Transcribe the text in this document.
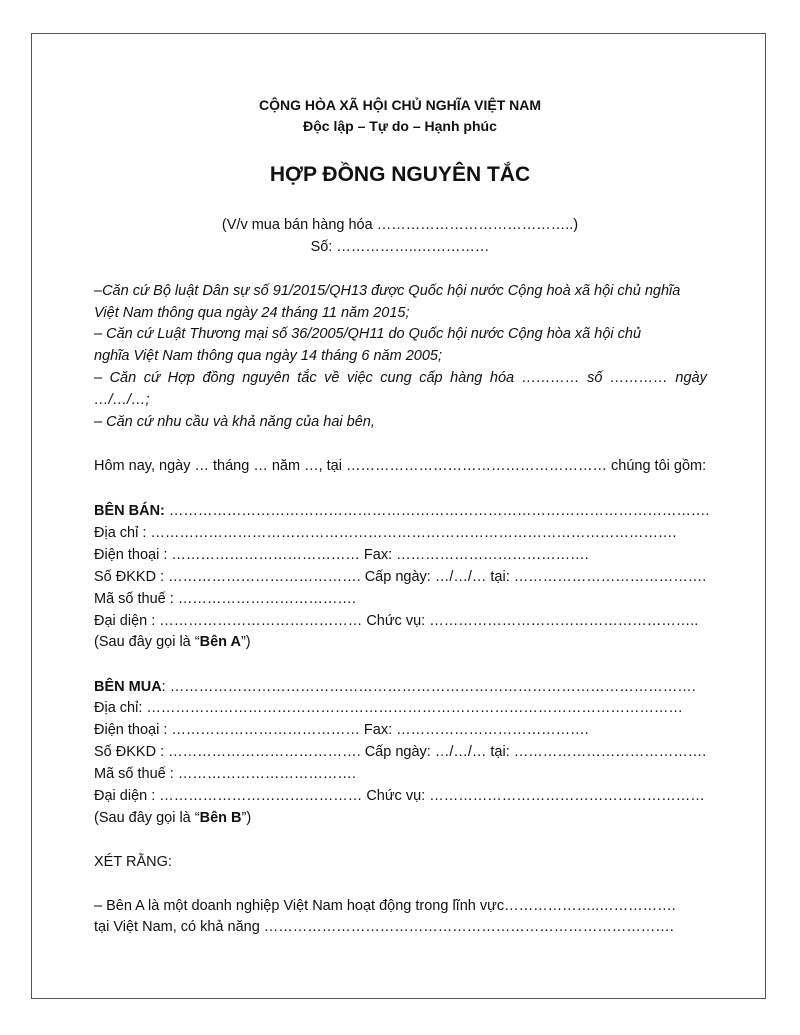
CỘNG HÒA XÃ HỘI CHỦ NGHĨA VIỆT NAM
Độc lập – Tự do – Hạnh phúc
HỢP ĐỒNG NGUYÊN TẮC
(V/v mua bán hàng hóa …………………………………..)
Số: ……………..……………
–Căn cứ Bộ luật Dân sự số 91/2015/QH13 được Quốc hội nước Cộng hoà xã hội chủ nghĩa
Việt Nam thông qua ngày 24 tháng 11 năm 2015;
– Căn cứ Luật Thương mại số 36/2005/QH11 do Quốc hội nước Cộng hòa xã hội chủ
nghĩa Việt Nam thông qua ngày 14 tháng 6 năm 2005;
– Căn cứ Hợp đồng nguyên tắc về việc cung cấp hàng hóa ………… số ………… ngày
…/…/…;
– Căn cứ nhu cầu và khả năng của hai bên,
Hôm nay, ngày … tháng … năm …, tại ……………………………………………… chúng tôi gồm:
BÊN BÁN: ………………………………………………………………………………………………….
Địa chỉ : ……………………………………………………………………………………………….
Điện thoại : ………………………………… Fax: ………………………………….
Số ĐKKD : …………………………………. Cấp ngày: …/…/… tại: ………………………………….
Mã số thuế : ……………………………….
Đại diện : …………………………………… Chức vụ: ………………………………………………..
(Sau đây gọi là “Bên A”)
BÊN MUA: ……………………………………………………………………………………………….
Địa chỉ: …………………………………………………………………………………………………
Điện thoại : ………………………………… Fax: ………………………………….
Số ĐKKD : …………………………………. Cấp ngày: …/…/… tại: ………………………………….
Mã số thuế : ……………………………….
Đại diện : …………………………………… Chức vụ: …………………………………………………
(Sau đây gọi là “Bên B”)
XÉT RẰNG:
– Bên A là một doanh nghiệp Việt Nam hoạt động trong lĩnh vực………………..…………….
tại Việt Nam, có khả năng ………………………………………………………………………….
